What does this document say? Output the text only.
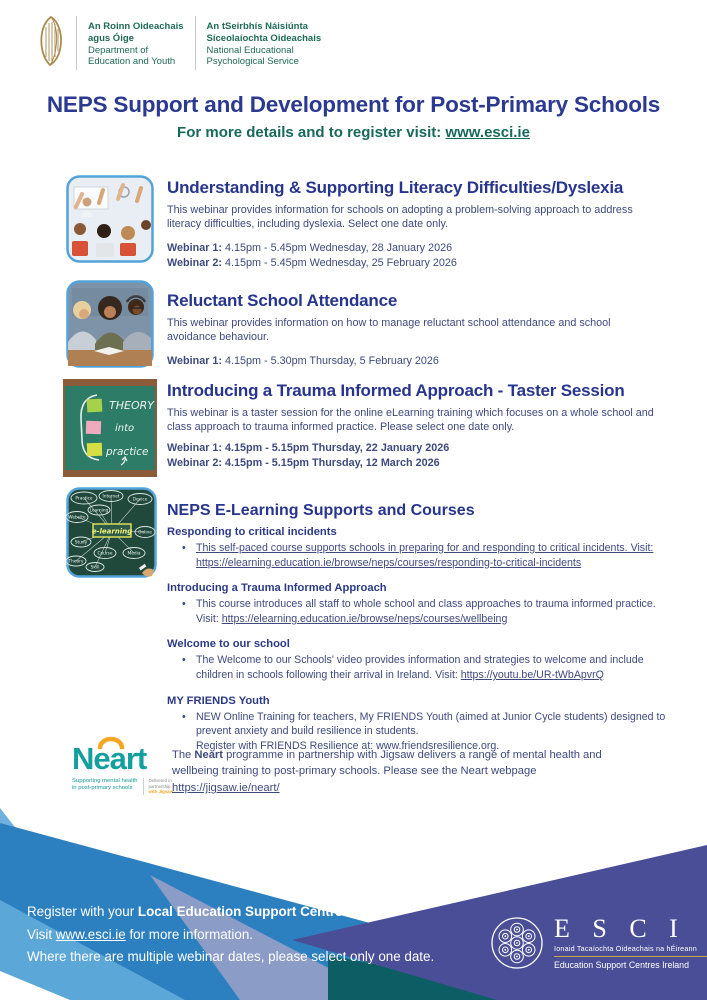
An Roinn Oideachais
agus Óige
Department of
Education and Youth
An tSeirbhís Náisiúnta
Síceolaíochta Oideachais
National Educational
Psychological Service
NEPS Support and Development for Post-Primary Schools
For more details and to register visit: www.esci.ie
Understanding & Supporting Literacy Difficulties/Dyslexia
This webinar provides information for schools on adopting a problem-solving approach to address
literacy difficulties, including dyslexia. Select one date only.
Webinar 1: 4.15pm - 5.45pm Wednesday, 28 January 2026
Webinar 2: 4.15pm - 5.45pm Wednesday, 25 February 2026
Reluctant School Attendance
This webinar provides information on how to manage reluctant school attendance and school
avoidance behaviour.
Webinar 1: 4.15pm - 5.30pm Thursday, 5 February 2026
THEORY
into
practice
Introducing a Trauma Informed Approach - Taster Session
This webinar is a taster session for the online eLearning training which focuses on a whole school and
class approach to trauma informed practice. Please select one date only.
Webinar 1: 4.15pm - 5.15pm Thursday, 22 January 2026
Webinar 2: 4.15pm - 5.15pm Thursday, 12 March 2026
Practice Internet
Device
Website
Learning
Online
Study
Course	Media
Theory
Skill
e-learning
NEPS E-Learning Supports and Courses
Responding to critical incidents
• This self-paced course supports schools in preparing for and responding to critical incidents. Visit:
https://elearning.education.ie/browse/neps/courses/responding-to-critical-incidents
Introducing a Trauma Informed Approach
• This course introduces all staff to whole school and class approaches to trauma informed practice.
Visit: https://elearning.education.ie/browse/neps/courses/wellbeing
Welcome to our school
• The Welcome to our Schools' video provides information and strategies to welcome and include
children in schools following their arrival in Ireland. Visit: https://youtu.be/UR-tWbApvrQ
MY FRIENDS Youth
• NEW Online Training for teachers, My FRIENDS Youth (aimed at Junior Cycle students) designed to
prevent anxiety and build resilience in students.
Register with FRIENDS Resilience at: www.friendsresilience.org.
Neart
Supporting mental health
in post-primary schools
Delivered in
partnership
with Jigsaw
The Neart programme in partnership with Jigsaw delivers a range of mental health and
wellbeing training to post-primary schools. Please see the Neart webpage
https://jigsaw.ie/neart/
Register with your Local Education Support Centre.
Visit www.esci.ie for more information.
Where there are multiple webinar dates, please select only one date.
E S C I
Ionaid Tacaíochta Oideachais na hÉireann
Education Support Centres Ireland
